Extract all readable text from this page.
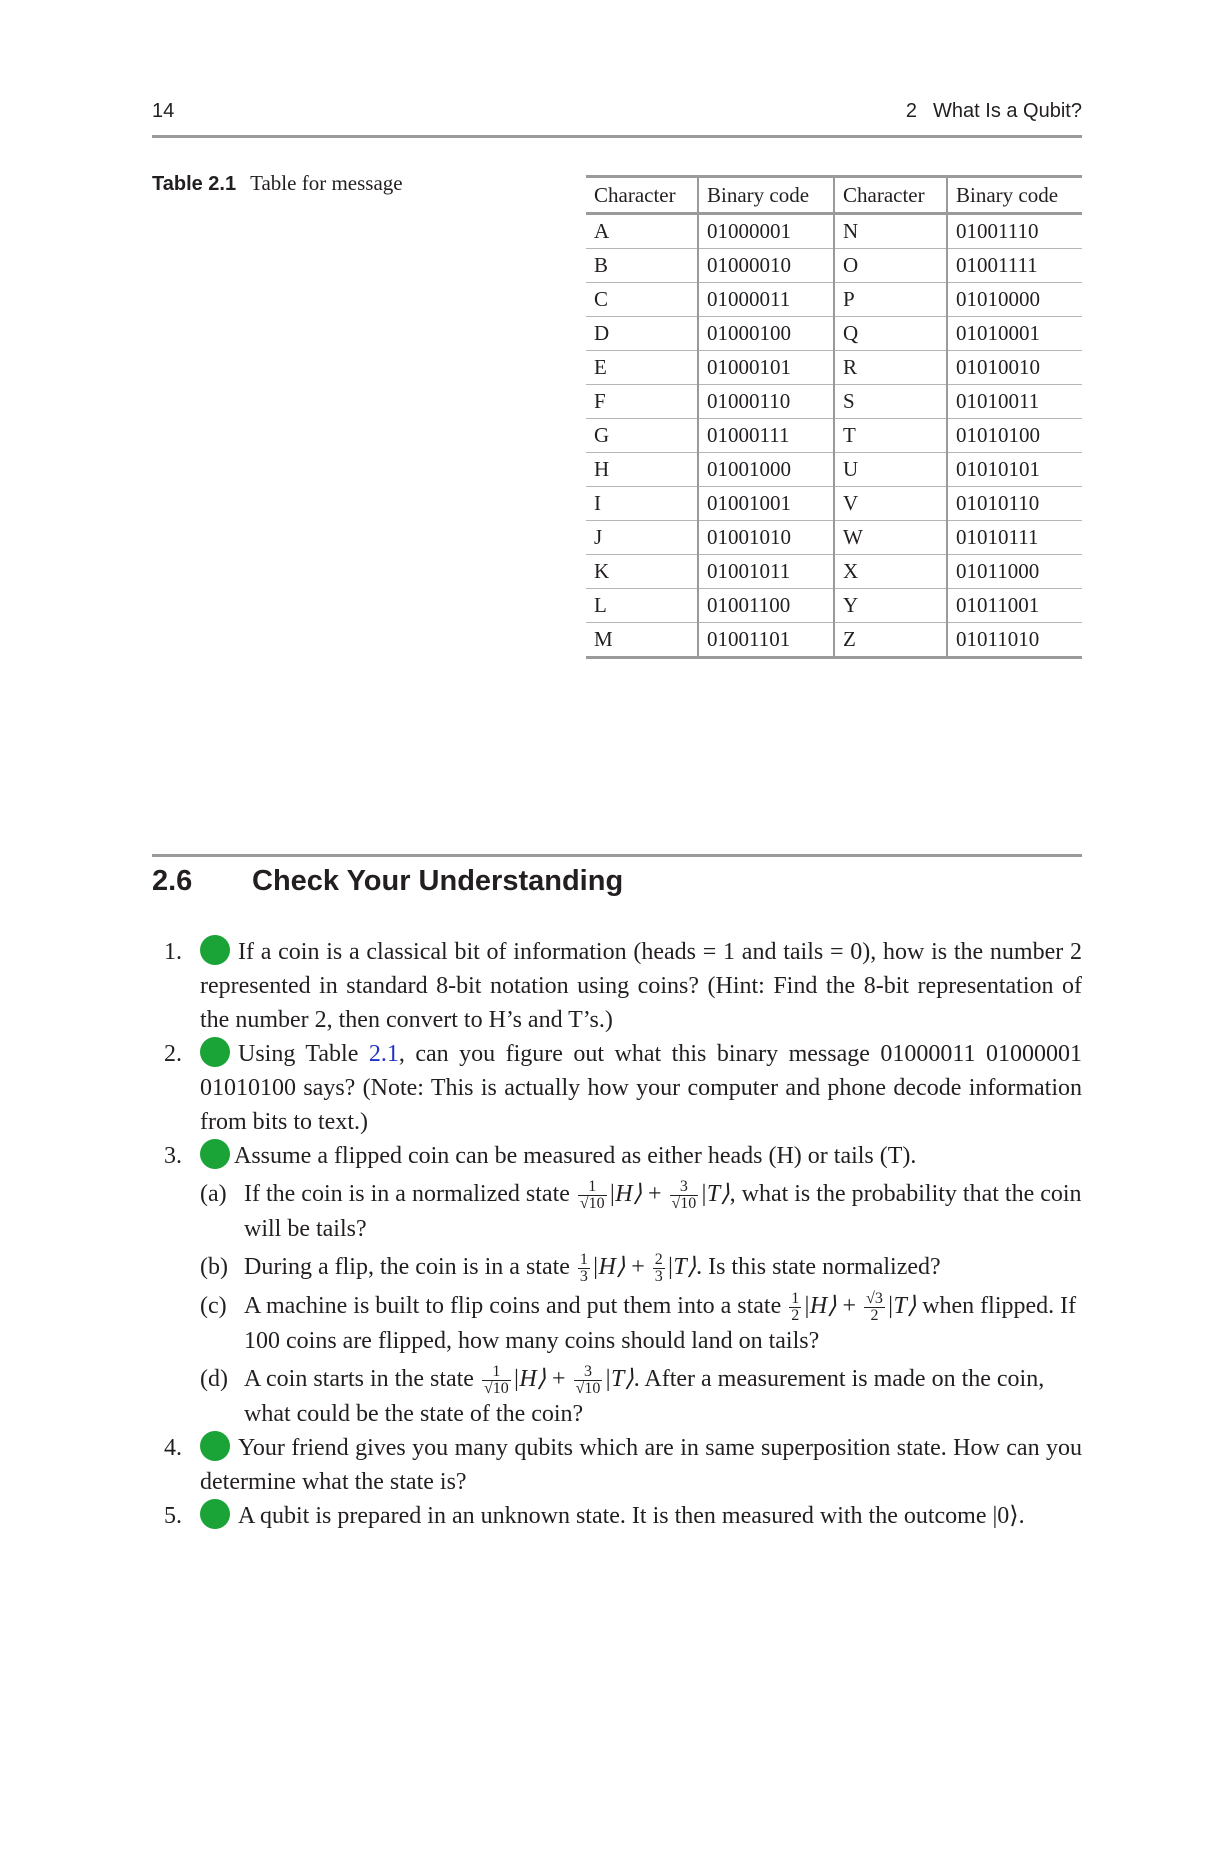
14	2 What Is a Qubit?
Table 2.1 Table for message	Character	Binary code	Character	Binary code
A	01000001	N	01001110
B	01000010	O	01001111
C	01000011	P	01010000
D	01000100	Q	01010001
E	01000101	R	01010010
F	01000110	S	01010011
G	01000111	T	01010100
H	01001000	U	01010101
I	01001001	V	01010110
J	01001010	W	01010111
K	01001011	X	01011000
L	01001100	Y	01011001
M	01001101	Z	01011010
2.6 Check Your Understanding
1. If a coin is a classical bit of information (heads = 1 and tails = 0), how is the number 2 represented in standard 8-bit notation using coins? (Hint: Find the 8-bit representation of the number 2, then convert to H’s and T’s.)
2. Using Table 2.1, can you figure out what this binary message 01000011 01000001 01010100 says? (Note: This is actually how your computer and phone decode information from bits to text.)
3. Assume a flipped coin can be measured as either heads (H) or tails (T).
(a) If the coin is in a normalized state $\frac{1}{√10}$ |H⟩ + $\frac{3}{√10}$ |T⟩, what is the probability that the coin will be tails?
(b) During a flip, the coin is in a state $\frac{1}{3}$ |H⟩ + $\frac{2}{3}$ |T⟩. Is this state normalized?
(c) A machine is built to flip coins and put them into a state $\frac{1}{2}$ |H⟩ + $\frac{√3}{2}$ |T⟩ when flipped. If 100 coins are flipped, how many coins should land on tails?
(d) A coin starts in the state $\frac{1}{√10}$ |H⟩ + $\frac{3}{√10}$ |T⟩. After a measurement is made on the coin, what could be the state of the coin?
4. Your friend gives you many qubits which are in same superposition state. How can you determine what the state is?
5. A qubit is prepared in an unknown state. It is then measured with the outcome |0⟩.
